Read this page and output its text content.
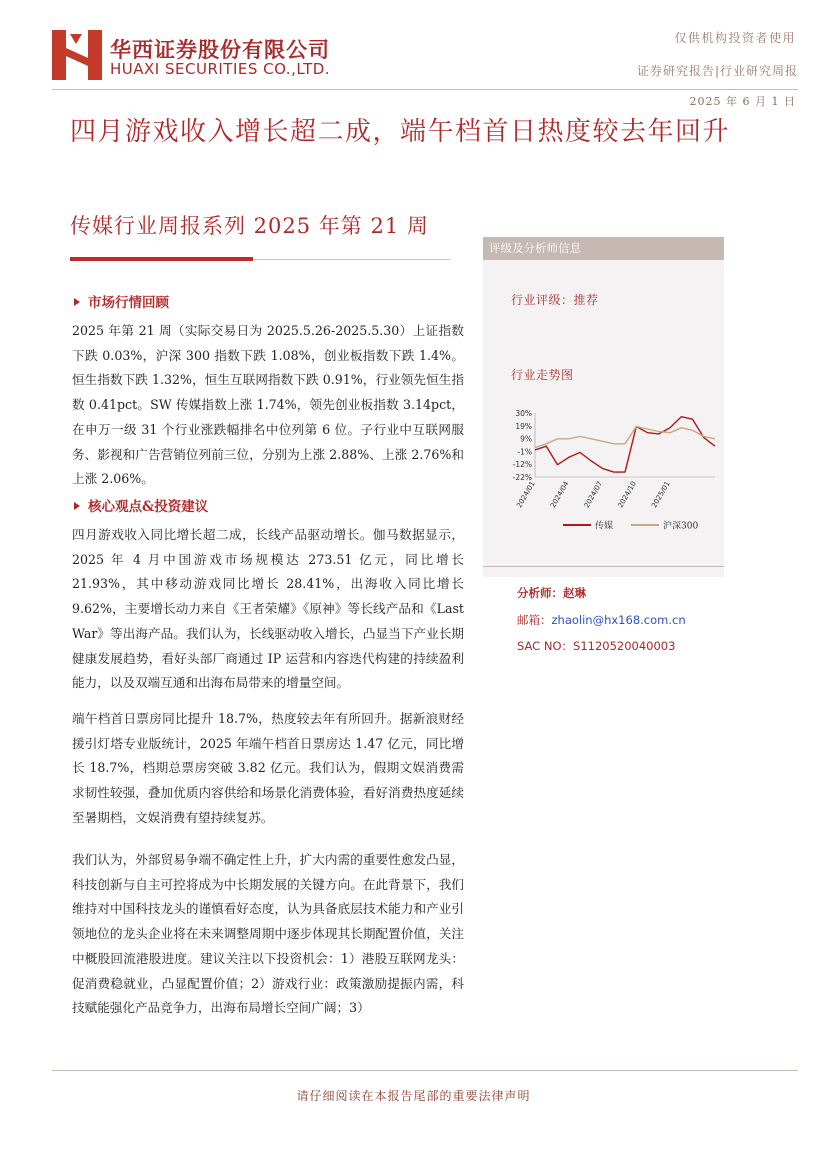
华西证券股份有限公司
HUAXI SECURITIES CO.,LTD.
仅供机构投资者使用
证券研究报告|行业研究周报
2025 年 6 月 1 日
四月游戏收入增长超二成，端午档首日热度较去年回升
传媒行业周报系列 2025 年第 21 周
市场行情回顾
2025 年第 21 周（实际交易日为 2025.5.26-2025.5.30）上证指数下跌 0.03%，沪深 300 指数下跌 1.08%，创业板指数下跌 1.4%。恒生指数下跌 1.32%，恒生互联网指数下跌 0.91%，行业领先恒生指数 0.41pct。SW 传媒指数上涨 1.74%，领先创业板指数 3.14pct，在申万一级 31 个行业涨跌幅排名中位列第 6 位。子行业中互联网服务、影视和广告营销位列前三位，分别为上涨 2.88%、上涨 2.76%和上涨 2.06%。
核心观点&投资建议
四月游戏收入同比增长超二成，长线产品驱动增长。伽马数据显示，2025 年 4 月中国游戏市场规模达 273.51 亿元，同比增长 21.93%，其中移动游戏同比增长 28.41%，出海收入同比增长 9.62%，主要增长动力来自《王者荣耀》《原神》等长线产品和《Last War》等出海产品。我们认为，长线驱动收入增长，凸显当下产业长期健康发展趋势，看好头部厂商通过 IP 运营和内容迭代构建的持续盈利能力，以及双端互通和出海布局带来的增量空间。
端午档首日票房同比提升 18.7%，热度较去年有所回升。据新浪财经援引灯塔专业版统计，2025 年端午档首日票房达 1.47 亿元，同比增长 18.7%，档期总票房突破 3.82 亿元。我们认为，假期文娱消费需求韧性较强，叠加优质内容供给和场景化消费体验，看好消费热度延续至暑期档，文娱消费有望持续复苏。
我们认为，外部贸易争端不确定性上升，扩大内需的重要性愈发凸显，科技创新与自主可控将成为中长期发展的关键方向。在此背景下，我们维持对中国科技龙头的谨慎看好态度，认为具备底层技术能力和产业引领地位的龙头企业将在未来调整周期中逐步体现其长期配置价值，关注中概股回流港股进度。建议关注以下投资机会：1）港股互联网龙头：促消费稳就业，凸显配置价值；2）游戏行业：政策激励提振内需，科技赋能强化产品竞争力，出海布局增长空间广阔；3）
评级及分析师信息
行业评级：推荐
行业走势图
30%
19%
9%
-1%
-12%
-22%
2024/01 2024/04 2024/07 2024/10 2025/01
传媒	沪深300
分析师：赵琳
邮箱：zhaolin@hx168.com.cn
SAC NO：S1120520040003
请仔细阅读在本报告尾部的重要法律声明
